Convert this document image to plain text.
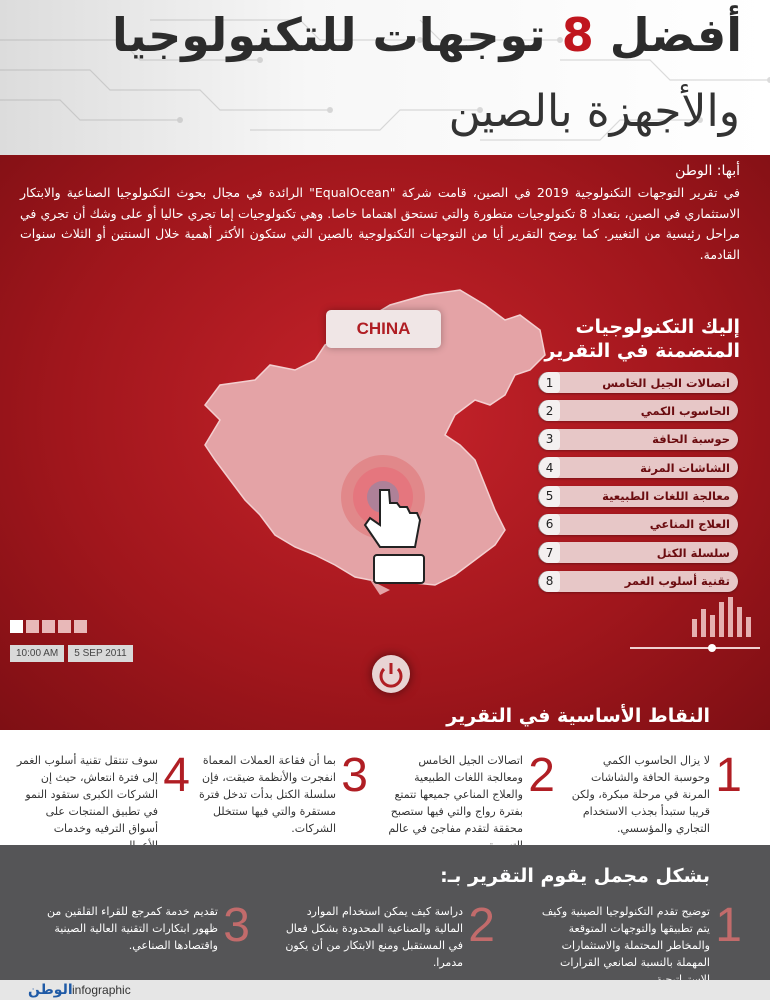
أفضل 8 توجهات للتكنولوجيا
والأجهزة بالصين
أبها: الوطن
في تقرير التوجهات التكنولوجية 2019 في الصين، قامت شركة "EqualOcean" الرائدة في مجال بحوث التكنولوجيا الصناعية والابتكار الاستثماري في الصين، بتعداد 8 تكنولوجيات متطورة والتي تستحق اهتماما خاصا. وهي تكنولوجيات إما تجري حاليا أو على وشك أن تجري في مراحل رئيسية من التغيير. كما يوضح التقرير أيا من التوجهات التكنولوجية بالصين التي ستكون الأكثر أهمية خلال السنتين أو الثلاث سنوات القادمة.
CHINA
10:00 AM	5 SEP 2011
إليك التكنولوجيات المتضمنة في التقرير
اتصالات الجيل الخامس
1
الحاسوب الكمي
2
حوسبة الحافة
3
الشاشات المرنة
4
معالجة اللغات الطبيعية
5
العلاج المناعي
6
سلسلة الكتل
7
تقنية أسلوب الغمر
8
النقاط الأساسية في التقرير
1
لا يزال الحاسوب الكمي وحوسبة الحافة والشاشات المرنة في مرحلة مبكرة، ولكن قريبا ستبدأ بجذب الاستخدام التجاري والمؤسسي.
2
اتصالات الجيل الخامس ومعالجة اللغات الطبيعية والعلاج المناعي جميعها تتمتع بفترة رواج والتي فيها ستصبح محققة لتقدم مفاجئ في عالم
3
بما أن فقاعة العملات المعماة انفجرت والأنظمة ضيقت، فإن سلسلة الكتل بدأت تدخل فترة مستقرة والتي فيها ستتخلل الشركات.
4
سوف تنتقل تقنية أسلوب الغمر إلى فترة انتعاش، حيث إن الشركات الكبرى ستقود النمو في تطبيق المنتجات على أسواق الترفيه وخدمات
بشكل مجمل يقوم التقرير بـ:
1
توضيح تقدم التكنولوجيا الصينية وكيف يتم تطبيقها والتوجهات المتوقعة والمخاطر المحتملة والاستثمارات المهملة بالنسبة لصانعي القرارات
2
دراسة كيف يمكن استخدام الموارد المالية والصناعية المحدودة بشكل فعال في المستقبل ومنع الابتكار من أن يكون مدمرا.
3
تقديم خدمة كمرجع للقراء القلقين من ظهور ابتكارات التقنية العالية الصينية واقتصادها الصناعي.
الوطن infographic
